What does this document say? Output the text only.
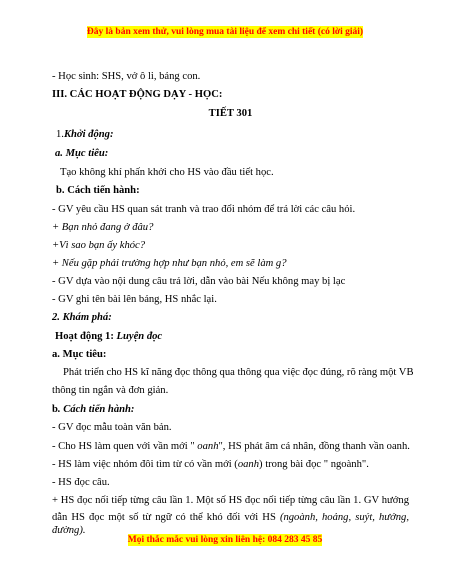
Đây là bản xem thử, vui lòng mua tài liệu để xem chi tiết (có lời giải)
- Học sinh: SHS, vở ô li, bảng con.
III. CÁC HOẠT ĐỘNG DẠY - HỌC:
TIẾT 301
1.Khởi động:
a. Mục tiêu:
Tạo không khí phấn khởi cho HS vào đầu tiết học.
b. Cách tiến hành:
- GV yêu cầu HS quan sát tranh và trao đổi nhóm để trả lời các câu hỏi.
+ Bạn nhỏ đang ở đâu?
+Vì sao bạn ấy khóc?
+ Nếu gặp phải trường hợp như bạn nhỏ, em sẽ làm g?
- GV dựa vào nội dung câu trả lời, dẫn vào bài Nếu không may bị lạc
- GV ghi tên bài lên bảng, HS nhắc lại.
2. Khám phá:
Hoạt động 1: Luyện đọc
a. Mục tiêu:
Phát triển cho HS kĩ năng đọc thông qua thông qua việc đọc đúng, rõ ràng một VB
thông tin ngắn và đơn giản.
b. Cách tiến hành:
- GV đọc mẫu toàn văn bản.
- Cho HS làm quen với vần mới " oanh", HS phát âm cá nhân, đồng thanh vần oanh.
- HS làm việc nhóm đôi tìm từ có vần mới (oanh) trong bài đọc " ngoành".
- HS đọc câu.
+ HS đọc nối tiếp từng câu lần 1. Một số HS đọc nối tiếp từng câu lần 1. GV hướng
dẫn HS đọc một số từ ngữ có thể khó đối với HS (ngoành, hoảng, suýt, hướng,
đường).
Mọi thắc mắc vui lòng xin liên hệ: 084 283 45 85
